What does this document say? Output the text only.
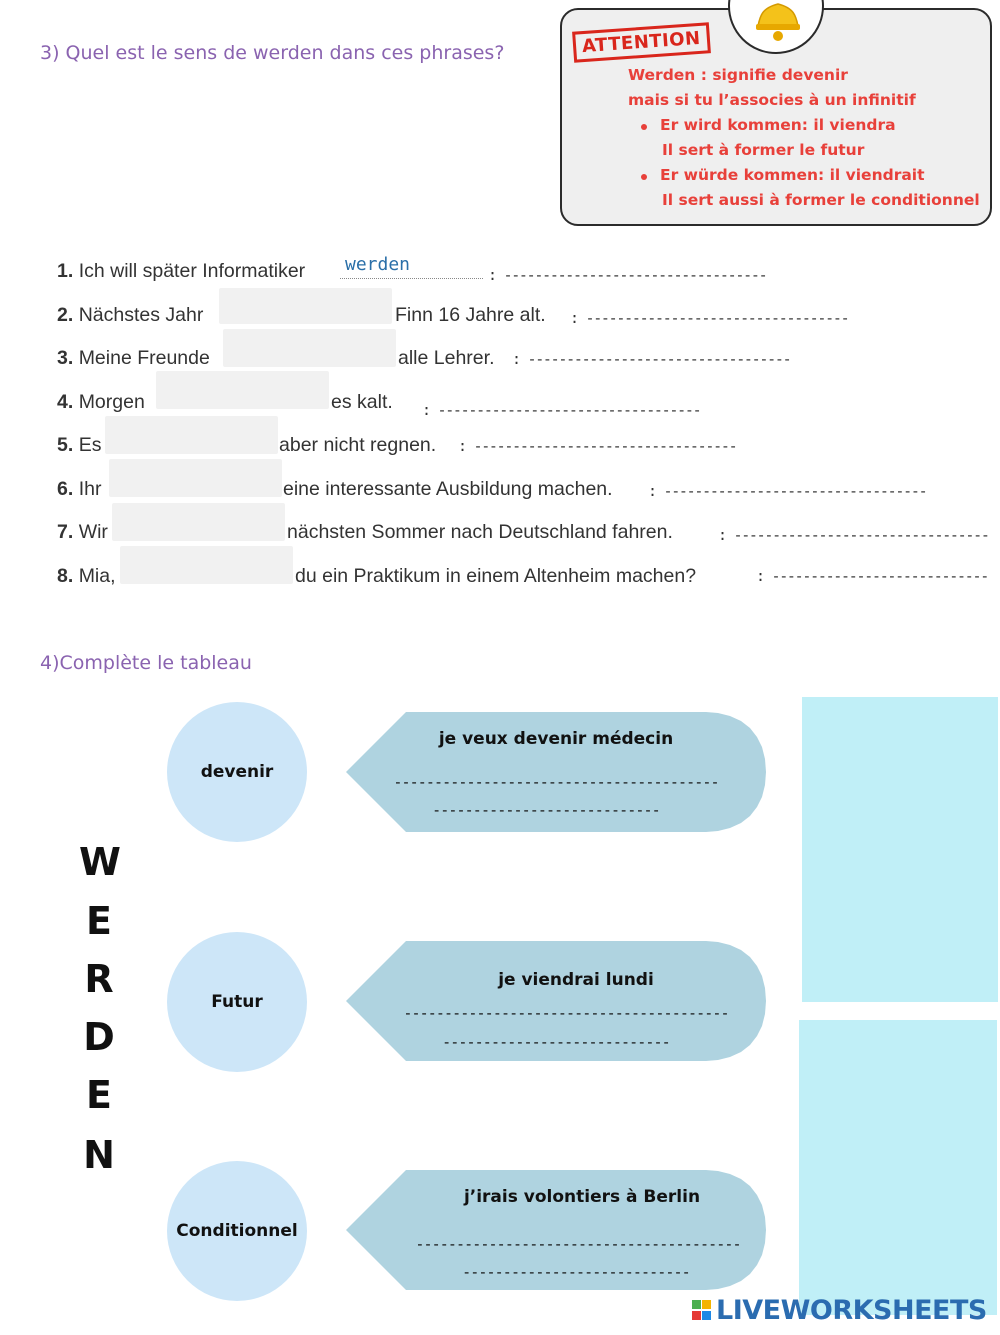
3) Quel est le sens de werden dans ces phrases?	ATTENTION
Werden : signifie devenir
mais si tu l’associes à un infinitif
Er wird kommen: il viendra
Il sert à former le futur
Er würde kommen: il viendrait
Il sert aussi à former le conditionnel
1. Ich will später Informatiker werden	: ----------------------------------
2. Nächstes Jahr	Finn 16 Jahre alt. : ----------------------------------
3. Meine Freunde	alle Lehrer. : ----------------------------------
4. Morgen	es kalt. : ----------------------------------
5. Es	aber nicht regnen. : ----------------------------------
6. Ihr	eine interessante Ausbildung machen. : ----------------------------------
7. Wir	nächsten Sommer nach Deutschland fahren.	: ---------------------------------
8. Mia,	du ein Praktikum in einem Altenheim machen?	: ----------------------------
4)Complète le tableau
W
E
R
D
E
N
devenir
je veux devenir médecin
----------------------------------------
----------------------------
Futur
je viendrai lundi
----------------------------------------
----------------------------
Conditionnel
j’irais volontiers à Berlin
----------------------------------------
----------------------------
LIVEWORKSHEETS
